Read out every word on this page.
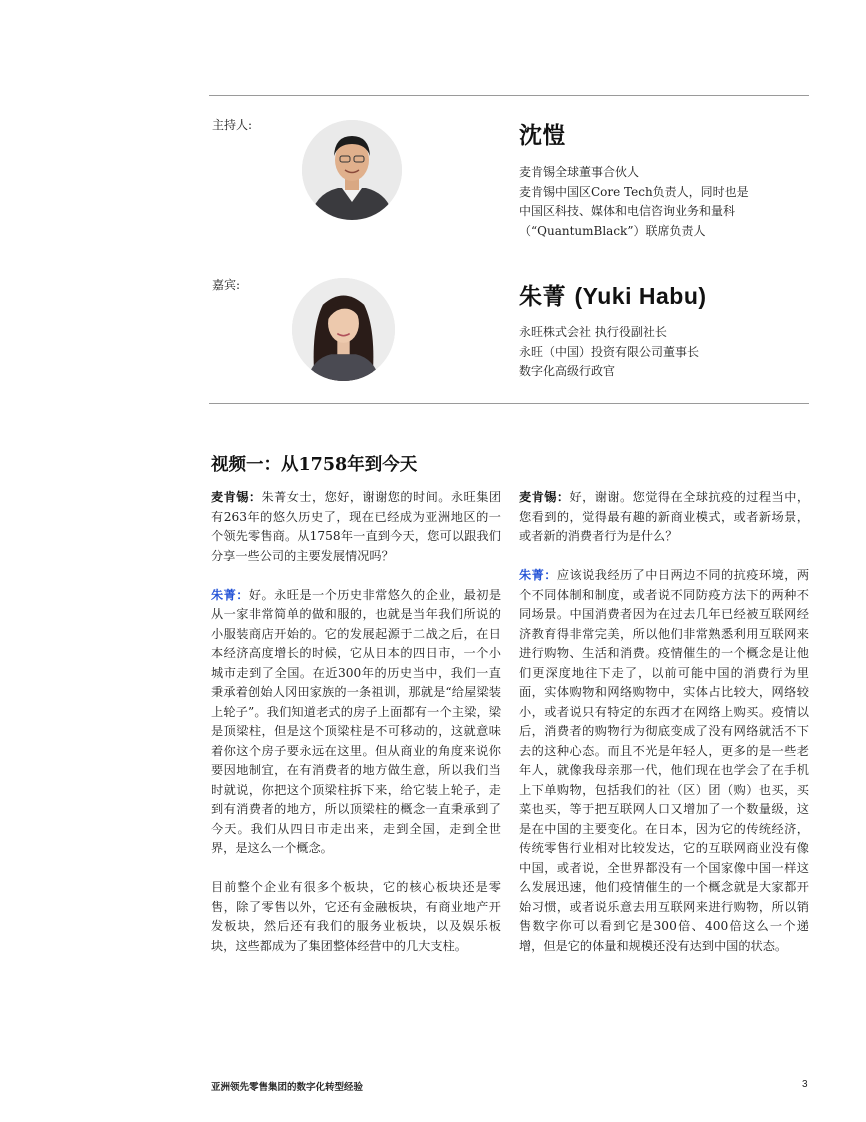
主持人:	沈愷
麦肯锡全球董事合伙人
麦肯锡中国区Core Tech负责人，同时也是
中国区科技、媒体和电信咨询业务和量科
（“QuantumBlack”）联席负责人
嘉宾:	朱菁 (Yuki Habu)
永旺株式会社 执行役副社长
永旺（中国）投资有限公司董事长
数字化高级行政官
视频一：从1758年到今天

麦肯锡：朱菁女士，您好，谢谢您的时间。永旺集团有263年的悠久历史了，现在已经成为亚洲地区的一个领先零售商。从1758年一直到今天，您可以跟我们分享一些公司的主要发展情况吗？

朱菁：好。永旺是一个历史非常悠久的企业，最初是从一家非常简单的做和服的，也就是当年我们所说的小服装商店开始的。它的发展起源于二战之后，在日本经济高度增长的时候，它从日本的四日市，一个小城市走到了全国。在近300年的历史当中，我们一直秉承着创始人冈田家族的一条祖训，那就是“给屋梁装上轮子”。我们知道老式的房子上面都有一个主梁，梁是顶梁柱，但是这个顶梁柱是不可移动的，这就意味着你这个房子要永远在这里。但从商业的角度来说你要因地制宜，在有消费者的地方做生意，所以我们当时就说，你把这个顶梁柱拆下来，给它装上轮子，走到有消费者的地方，所以顶梁柱的概念一直秉承到了今天。我们从四日市走出来，走到全国，走到全世界，是这么一个概念。

目前整个企业有很多个板块，它的核心板块还是零售，除了零售以外，它还有金融板块，有商业地产开发板块，然后还有我们的服务业板块，以及娱乐板块，这些都成为了集团整体经营中的几大支柱。

麦肯锡：好，谢谢。您觉得在全球抗疫的过程当中，您看到的，觉得最有趣的新商业模式，或者新场景，或者新的消费者行为是什么？

朱菁：应该说我经历了中日两边不同的抗疫环境，两个不同体制和制度，或者说不同防疫方法下的两种不同场景。中国消费者因为在过去几年已经被互联网经济教育得非常完美，所以他们非常熟悉利用互联网来进行购物、生活和消费。疫情催生的一个概念是让他们更深度地往下走了，以前可能中国的消费行为里面，实体购物和网络购物中，实体占比较大，网络较小，或者说只有特定的东西才在网络上购买。疫情以后，消费者的购物行为彻底变成了没有网络就活不下去的这种心态。而且不光是年轻人，更多的是一些老年人，就像我母亲那一代，他们现在也学会了在手机上下单购物，包括我们的社（区）团（购）也买，买菜也买，等于把互联网人口又增加了一个数量级，这是在中国的主要变化。在日本，因为它的传统经济，传统零售行业相对比较发达，它的互联网商业没有像中国，或者说，全世界都没有一个国家像中国一样这么发展迅速，他们疫情催生的一个概念就是大家都开始习惯，或者说乐意去用互联网来进行购物，所以销售数字你可以看到它是300倍、400倍这么一个递增，但是它的体量和规模还没有达到中国的状态。

亚洲领先零售集团的数字化转型经验	3
